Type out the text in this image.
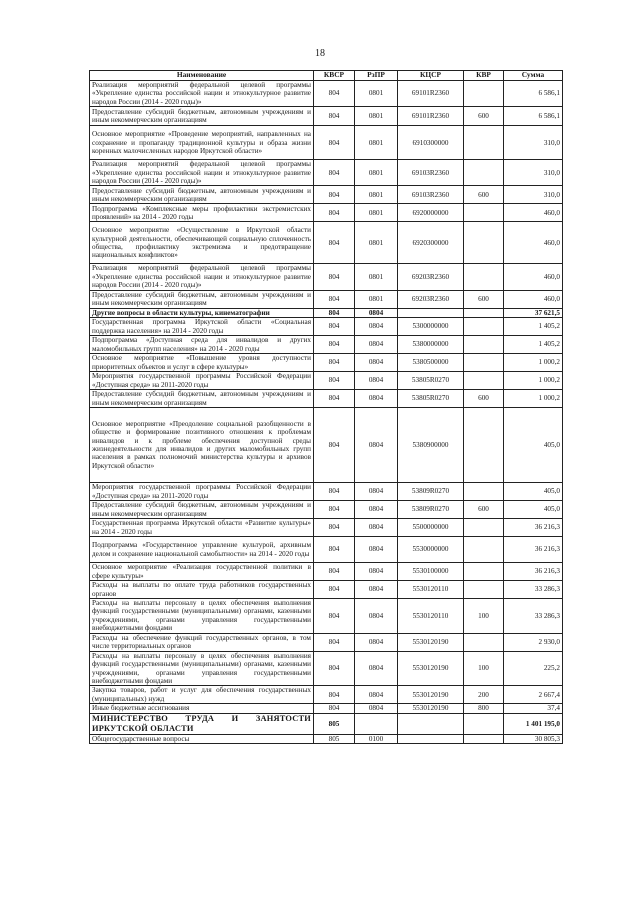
18
Наименование	КВСР	РзПР	КЦСР	КВР	Сумма
Реализация мероприятий федеральной целевой программы «Укрепление единства российской нации и этнокультурное развитие народов России (2014 - 2020 годы)»	804	0801	69101R2360		6 586,1
Предоставление субсидий бюджетным, автономным учреждениям и иным некоммерческим организациям	804	0801	69101R2360	600	6 586,1
Основное мероприятие «Проведение мероприятий, направленных на сохранение и пропаганду традиционной культуры и образа жизни коренных малочисленных народов Иркутской области»	804	0801	6910300000		310,0
Реализация мероприятий федеральной целевой программы «Укрепление единства российской нации и этнокультурное развитие народов России (2014 - 2020 годы)»	804	0801	69103R2360		310,0
Предоставление субсидий бюджетным, автономным учреждениям и иным некоммерческим организациям	804	0801	69103R2360	600	310,0
Подпрограмма «Комплексные меры профилактики экстремистских проявлений» на 2014 - 2020 годы	804	0801	6920000000		460,0
Основное мероприятие «Осуществление в Иркутской области культурной деятельности, обеспечивающей социальную сплоченность общества, профилактику экстремизма и предотвращение национальных конфликтов»	804	0801	6920300000		460,0
Реализация мероприятий федеральной целевой программы «Укрепление единства российской нации и этнокультурное развитие народов России (2014 - 2020 годы)»	804	0801	69203R2360		460,0
Предоставление субсидий бюджетным, автономным учреждениям и иным некоммерческим организациям	804	0801	69203R2360	600	460,0
Другие вопросы в области культуры, кинематографии	804	0804			37 621,5
Государственная программа Иркутской области «Социальная поддержка населения» на 2014 - 2020 годы	804	0804	5300000000		1 405,2
Подпрограмма «Доступная среда для инвалидов и других маломобильных групп населения» на 2014 - 2020 годы	804	0804	5380000000		1 405,2
Основное мероприятие «Повышение уровня доступности приоритетных объектов и услуг в сфере культуры»	804	0804	5380500000		1 000,2
Мероприятия государственной программы Российской Федерации «Доступная среда» на 2011-2020 годы	804	0804	53805R0270		1 000,2
Предоставление субсидий бюджетным, автономным учреждениям и иным некоммерческим организациям	804	0804	53805R0270	600	1 000,2
Основное мероприятие «Преодоление социальной разобщенности в обществе и формирование позитивного отношения к проблемам инвалидов и к проблеме обеспечения доступной среды жизнедеятельности для инвалидов и других маломобильных групп населения в рамках полномочий министерства культуры и архивов Иркутской области»	804	0804	5380900000		405,0
Мероприятия государственной программы Российской Федерации «Доступная среда» на 2011-2020 годы	804	0804	53809R0270		405,0
Предоставление субсидий бюджетным, автономным учреждениям и иным некоммерческим организациям	804	0804	53809R0270	600	405,0
Государственная программа Иркутской области «Развитие культуры» на 2014 - 2020 годы	804	0804	5500000000		36 216,3
Подпрограмма «Государственное управление культурой, архивным делом и сохранение национальной самобытности» на 2014 - 2020 годы	804	0804	5530000000		36 216,3
Основное мероприятие «Реализация государственной политики в сфере культуры»	804	0804	5530100000		36 216,3
Расходы на выплаты по оплате труда работников государственных органов	804	0804	5530120110		33 286,3
Расходы на выплаты персоналу в целях обеспечения выполнения функций государственными (муниципальными) органами, казенными учреждениями, органами управления государственными внебюджетными фондами	804	0804	5530120110	100	33 286,3
Расходы на обеспечение функций государственных органов, в том числе территориальных органов	804	0804	5530120190		2 930,0
Расходы на выплаты персоналу в целях обеспечения выполнения функций государственными (муниципальными) органами, казенными учреждениями, органами управления государственными внебюджетными фондами	804	0804	5530120190	100	225,2
Закупка товаров, работ и услуг для обеспечения государственных (муниципальных) нужд	804	0804	5530120190	200	2 667,4
Иные бюджетные ассигнования	804	0804	5530120190	800	37,4
МИНИСТЕРСТВО ТРУДА И ЗАНЯТОСТИ ИРКУТСКОЙ ОБЛАСТИ	805				1 401 195,0
Общегосударственные вопросы	805	0100			30 805,3
